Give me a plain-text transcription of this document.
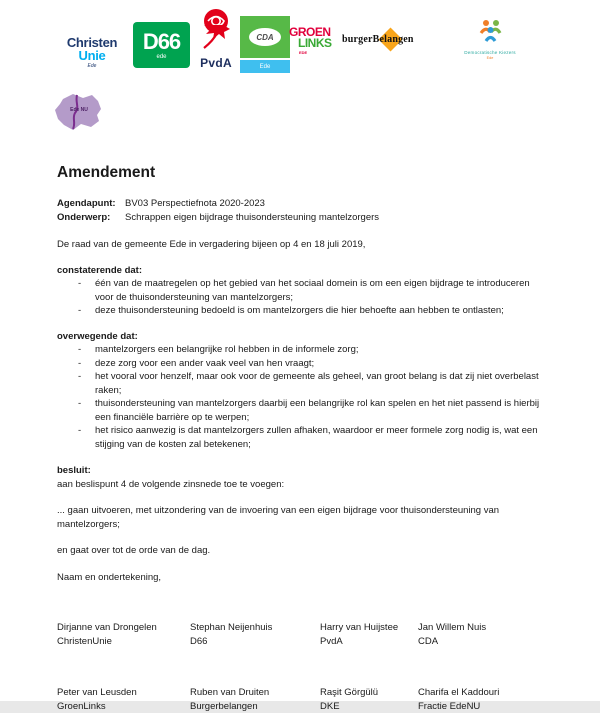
Christen
Unie
Ede
D66
ede	PvdA
CDA
Ede
GROEN
LINKS
EDE
burgerBelangen
Democratische Kiezers
Ede
Ede NU
Amendement
Agendapunt: BV03 Perspectiefnota 2020-2023
Onderwerp:	Schrappen eigen bijdrage thuisondersteuning mantelzorgers

De raad van de gemeente Ede in vergadering bijeen op 4 en 18 juli 2019,

constaterende dat:
- één van de maatregelen op het gebied van het sociaal domein is om een eigen bijdrage te introduceren voor de thuisondersteuning van mantelzorgers;
- deze thuisondersteuning bedoeld is om mantelzorgers die hier behoefte aan hebben te ontlasten;
overwegende dat:
- mantelzorgers een belangrijke rol hebben in de informele zorg;
- deze zorg voor een ander vaak veel van hen vraagt;
- het vooral voor henzelf, maar ook voor de gemeente als geheel, van groot belang is dat zij niet overbelast raken;
- thuisondersteuning van mantelzorgers daarbij een belangrijke rol kan spelen en het niet passend is hierbij een financiële barrière op te werpen;
- het risico aanwezig is dat mantelzorgers zullen afhaken, waardoor er meer formele zorg nodig is, wat een stijging van de kosten zal betekenen;
besluit:
aan beslispunt 4 de volgende zinsnede toe te voegen:

... gaan uitvoeren, met uitzondering van de invoering van een eigen bijdrage voor thuisondersteuning van mantelzorgers;

en gaat over tot de orde van de dag.

Naam en ondertekening,

Dirjanne van Drongelen
ChristenUnie
Stephan Neijenhuis
D66
Harry van Huijstee
PvdA
Jan Willem Nuis
CDA
Peter van Leusden
GroenLinks
Ruben van Druiten
Burgerbelangen
Raşit Görgülü
DKE
Charifa el Kaddouri
Fractie EdeNU
